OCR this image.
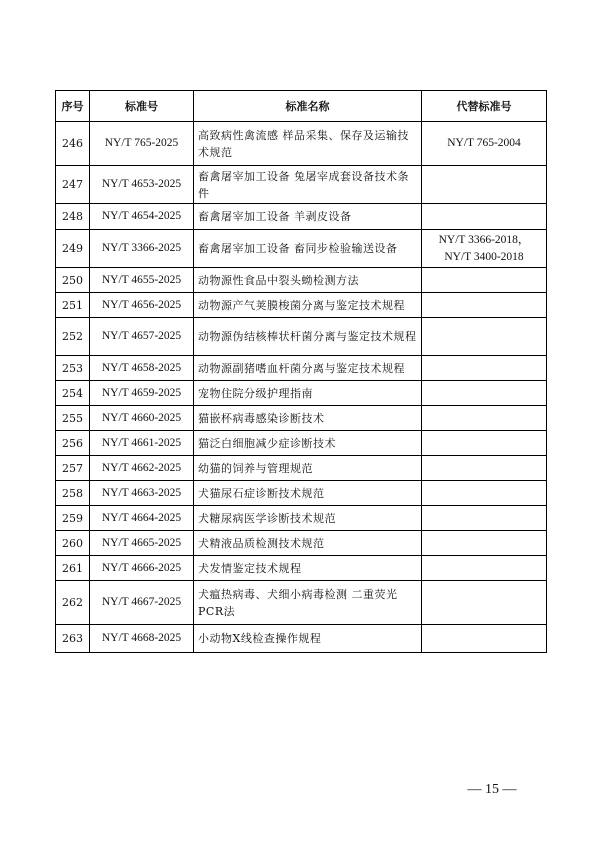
序号	标准号	标准名称	代替标准号
246	NY/T 765-2025	高致病性禽流感 样品采集、保存及运输技术规范	NY/T 765-2004
247	NY/T 4653-2025	畜禽屠宰加工设备 兔屠宰成套设备技术条件	
248	NY/T 4654-2025	畜禽屠宰加工设备 羊剥皮设备	
249	NY/T 3366-2025	畜禽屠宰加工设备 畜同步检验输送设备	NY/T 3366-2018，NY/T 3400-2018
250	NY/T 4655-2025	动物源性食品中裂头蚴检测方法	
251	NY/T 4656-2025	动物源产气荚膜梭菌分离与鉴定技术规程	
252	NY/T 4657-2025	动物源伪结核棒状杆菌分离与鉴定技术规程	
253	NY/T 4658-2025	动物源副猪嗜血杆菌分离与鉴定技术规程	
254	NY/T 4659-2025	宠物住院分级护理指南	
255	NY/T 4660-2025	猫嵌杯病毒感染诊断技术	
256	NY/T 4661-2025	猫泛白细胞减少症诊断技术	
257	NY/T 4662-2025	幼猫的饲养与管理规范	
258	NY/T 4663-2025	犬猫尿石症诊断技术规范	
259	NY/T 4664-2025	犬糖尿病医学诊断技术规范	
260	NY/T 4665-2025	犬精液品质检测技术规范	
261	NY/T 4666-2025	犬发情鉴定技术规程	
262	NY/T 4667-2025	犬瘟热病毒、犬细小病毒检测 二重荧光PCR法	
263	NY/T 4668-2025	小动物X线检查操作规程	
— 15 —
